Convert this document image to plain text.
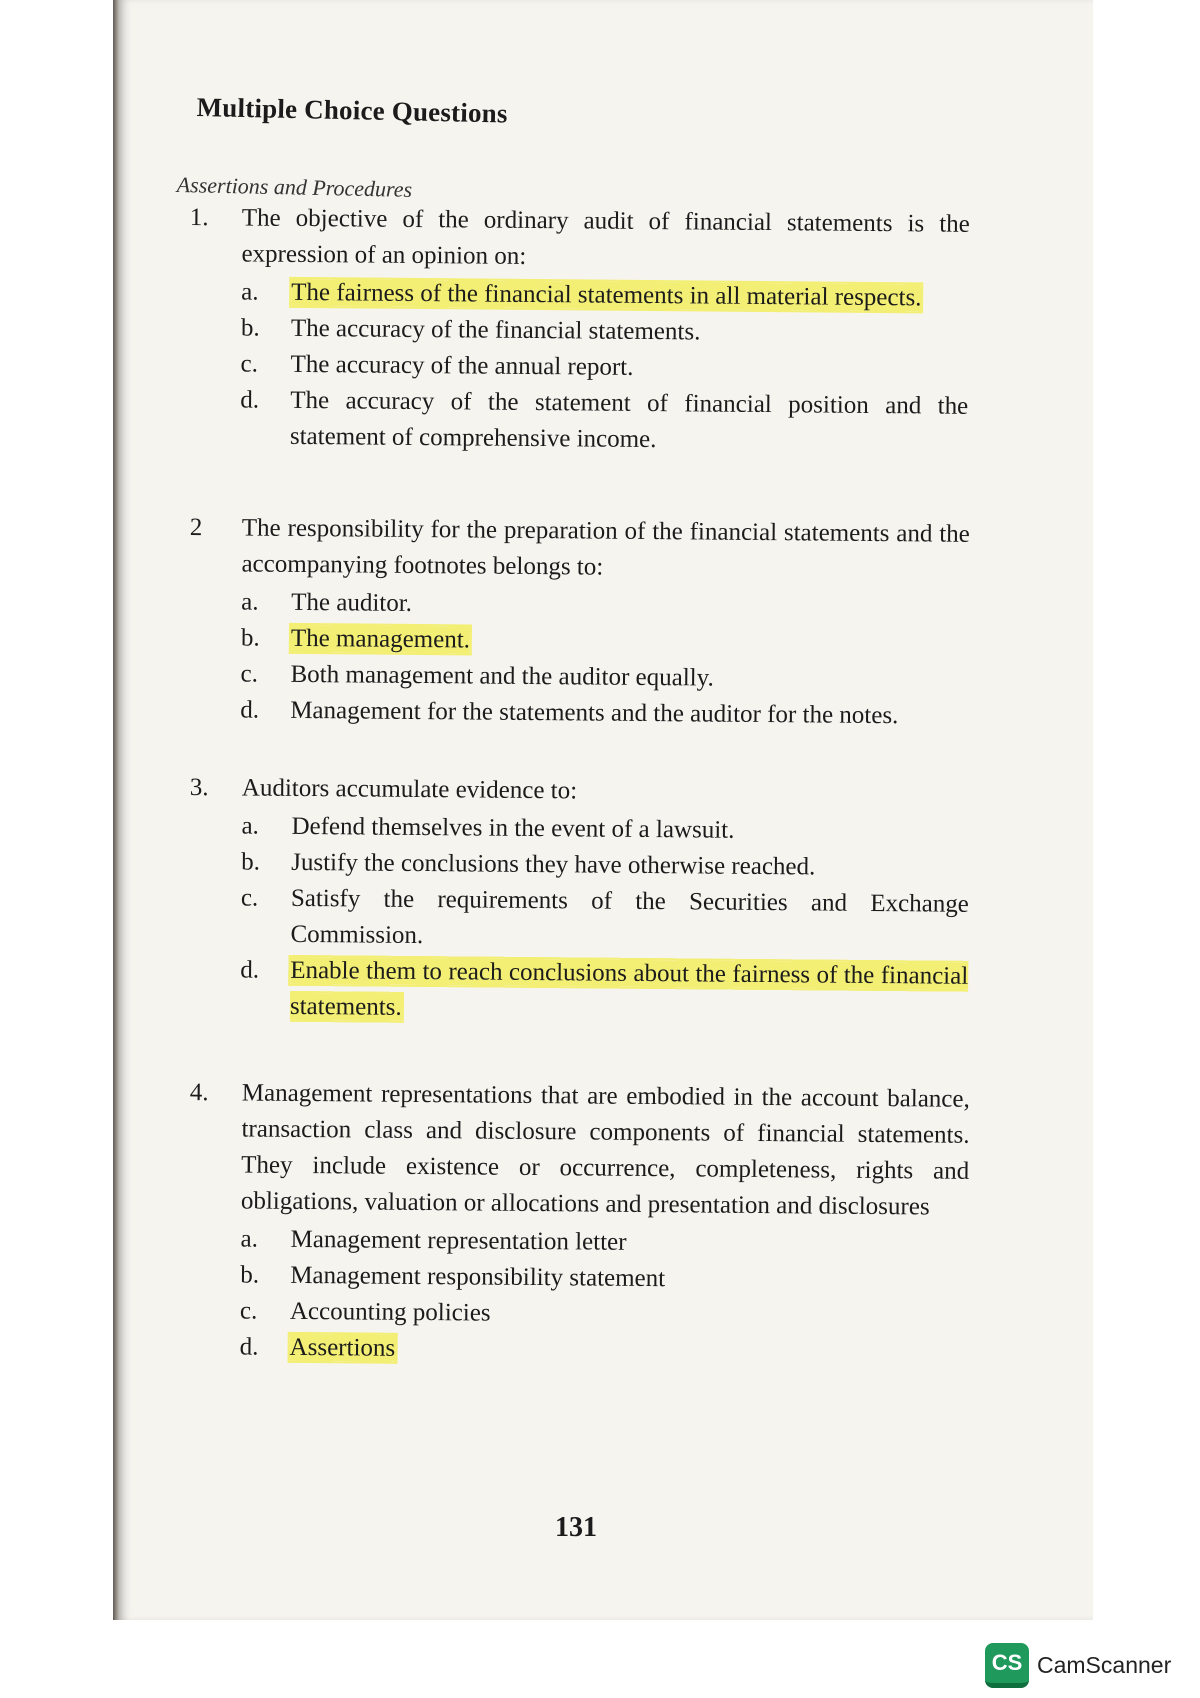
Multiple Choice Questions
Assertions and Procedures
1.	The objective of the ordinary audit of financial statements is the expression of an opinion on:
a.	The fairness of the financial statements in all material respects.
b.	The accuracy of the financial statements.
c.	The accuracy of the annual report.
d.	The accuracy of the statement of financial position and the statement of comprehensive income.
2	The responsibility for the preparation of the financial statements and the accompanying footnotes belongs to:
a.	The auditor.
b.	The management.
c.	Both management and the auditor equally.
d.	Management for the statements and the auditor for the notes.
3.	Auditors accumulate evidence to:
a.	Defend themselves in the event of a lawsuit.
b.	Justify the conclusions they have otherwise reached.
c.	Satisfy the requirements of the Securities and Exchange Commission.
d.	Enable them to reach conclusions about the fairness of the financial statements.
4.	Management representations that are embodied in the account balance, transaction class and disclosure components of financial statements. They include existence or occurrence, completeness, rights and obligations, valuation or allocations and presentation and disclosures
a.	Management representation letter
b.	Management responsibility statement
c.	Accounting policies
d.	Assertions
131
CS CamScanner
